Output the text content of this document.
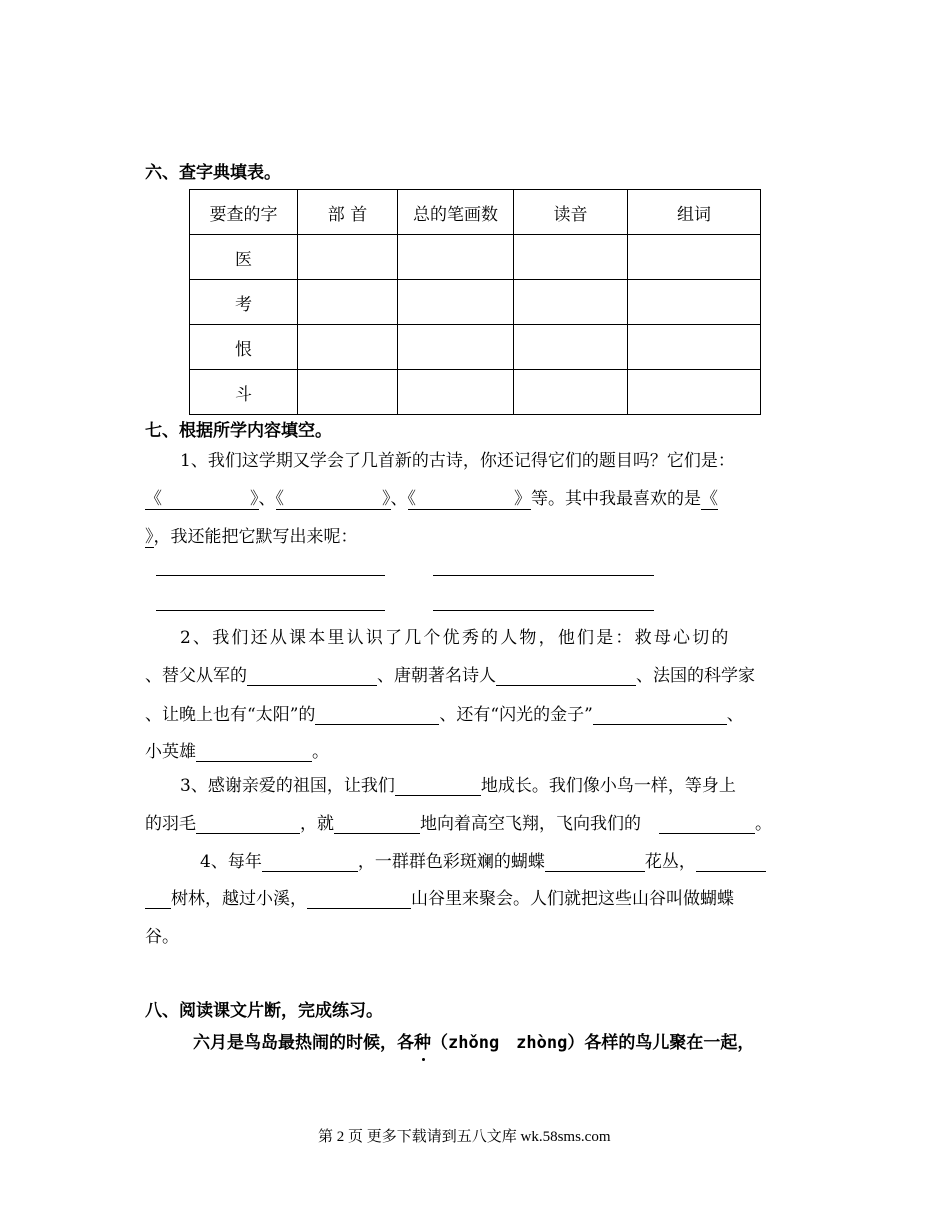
六、查字典填表。
要查的字	部 首	总的笔画数	读音	组词
医				
考				
恨				
斗				
七、根据所学内容填空。
1、我们这学期又学会了几首新的古诗，你还记得它们的题目吗？它们是：
《	》、《	》、《	》等。其中我最喜欢的是《
》，我还能把它默写出来呢：
2、我们还从课本里认识了几个优秀的人物，他们是：救母心切的
、替父从军的	、唐朝著名诗人	、法国的科学家
、让晚上也有“太阳”的	、还有“闪光的金子”	、
小英雄	。
3、感谢亲爱的祖国，让我们	地成长。我们像小鸟一样，等身上
的羽毛	，就	地向着高空飞翔，飞向我们的	。
4、每年	，一群群色彩斑斓的蝴蝶	花丛，
树林，越过小溪，	山谷里来聚会。人们就把这些山谷叫做蝴蝶
谷。
八、阅读课文片断，完成练习。
六月是鸟岛最热闹的时候，各种（zhǒng　zhòng）各样的鸟儿聚在一起，
第 2 页 更多下载请到五八文库 wk.58sms.com
